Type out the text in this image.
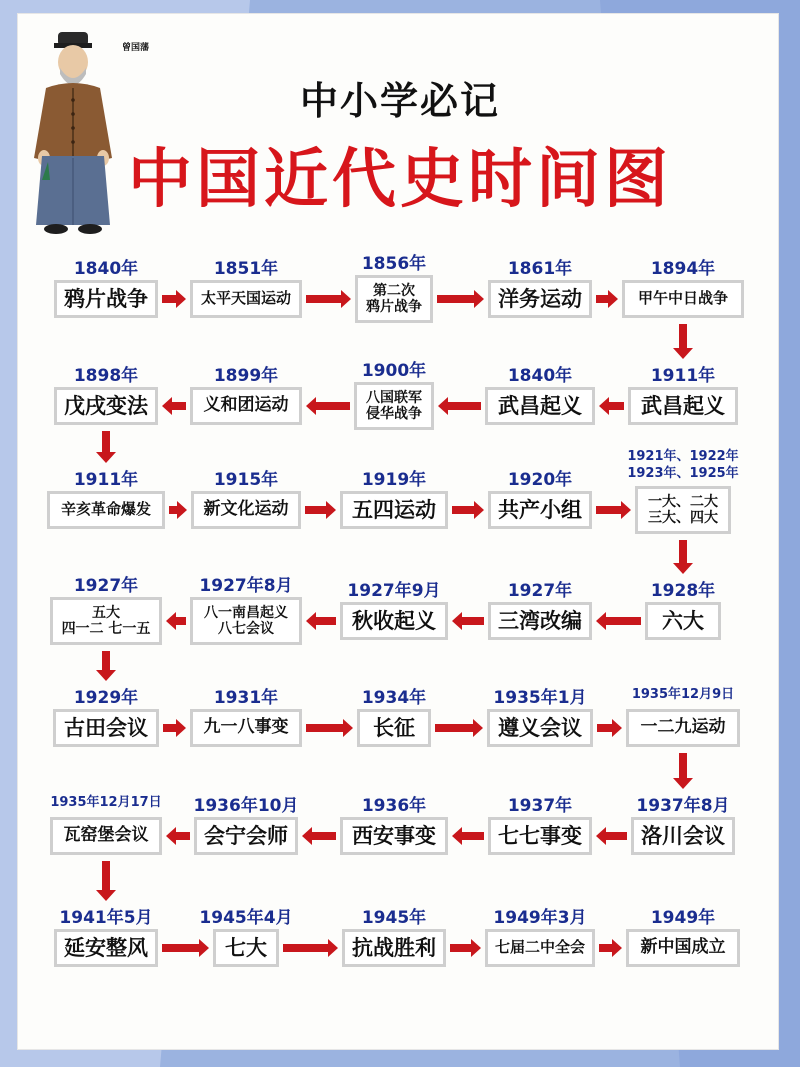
曾国藩
中小学必记
中国近代史时间图
鸦片战争
1840年
太平天国运动
1851年
第二次
鸦片战争
1856年
洋务运动
1861年
甲午中日战争
1894年
武昌起义
1911年
武昌起义
1840年
八国联军
侵华战争
1900年
义和团运动
1899年
戊戌变法
1898年
辛亥革命爆发
1911年
新文化运动
1915年
五四运动
1919年
共产小组
1920年
一大、二大
三大、四大
1921年、1922年
1923年、1925年
六大
1928年
三湾改编
1927年
秋收起义
1927年9月
八一南昌起义
八七会议
1927年8月
五大
四一二 七一五
1927年
古田会议
1929年
九一八事变
1931年
长征
1934年
遵义会议
1935年1月
一二九运动
1935年12月9日
洛川会议
1937年8月
七七事变
1937年
西安事变
1936年
会宁会师
1936年10月
瓦窑堡会议
1935年12月17日
延安整风
1941年5月
七大
1945年4月
抗战胜利
1945年
七届二中全会
1949年3月
新中国成立
1949年
